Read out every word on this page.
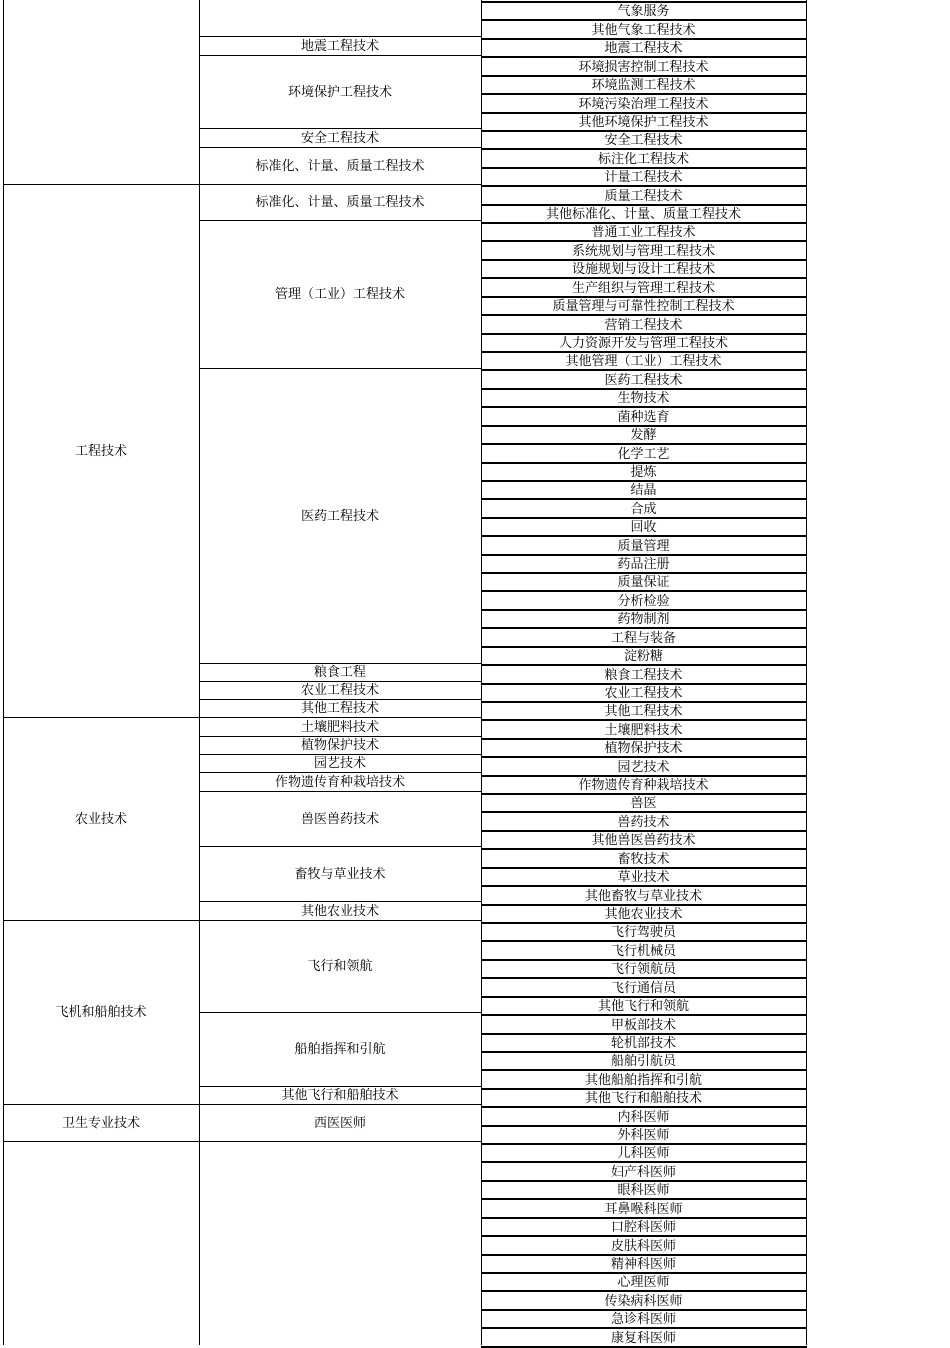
气象服务
其他气象工程技术
地震工程技术
环境损害控制工程技术
环境监测工程技术
环境污染治理工程技术
其他环境保护工程技术
安全工程技术
标注化工程技术
计量工程技术
质量工程技术
其他标准化、计量、质量工程技术
普通工业工程技术
系统规划与管理工程技术
设施规划与设计工程技术
生产组织与管理工程技术
质量管理与可靠性控制工程技术
营销工程技术
人力资源开发与管理工程技术
其他管理（工业）工程技术
医药工程技术
生物技术
菌种选育
发酵
化学工艺
提炼
结晶
合成
回收
质量管理
药品注册
质量保证
分析检验
药物制剂
工程与装备
淀粉糖
粮食工程技术
农业工程技术
其他工程技术
土壤肥料技术
植物保护技术
园艺技术
作物遗传育种栽培技术
兽医
兽药技术
其他兽医兽药技术
畜牧技术
草业技术
其他畜牧与草业技术
其他农业技术
飞行驾驶员
飞行机械员
飞行领航员
飞行通信员
其他飞行和领航
甲板部技术
轮机部技术
船舶引航员
其他船舶指挥和引航
其他飞行和船舶技术
内科医师
外科医师
儿科医师
妇产科医师
眼科医师
耳鼻喉科医师
口腔科医师
皮肤科医师
精神科医师
心理医师
传染病科医师
急诊科医师
康复科医师
地震工程技术
环境保护工程技术
安全工程技术
标准化、计量、质量工程技术
标准化、计量、质量工程技术
管理（工业）工程技术
医药工程技术
粮食工程
农业工程技术
其他工程技术
土壤肥料技术
植物保护技术
园艺技术
作物遗传育种栽培技术
兽医兽药技术
畜牧与草业技术
其他农业技术
飞行和领航
船舶指挥和引航
其他飞行和船舶技术
西医医师
工程技术
农业技术
飞机和船舶技术
卫生专业技术
